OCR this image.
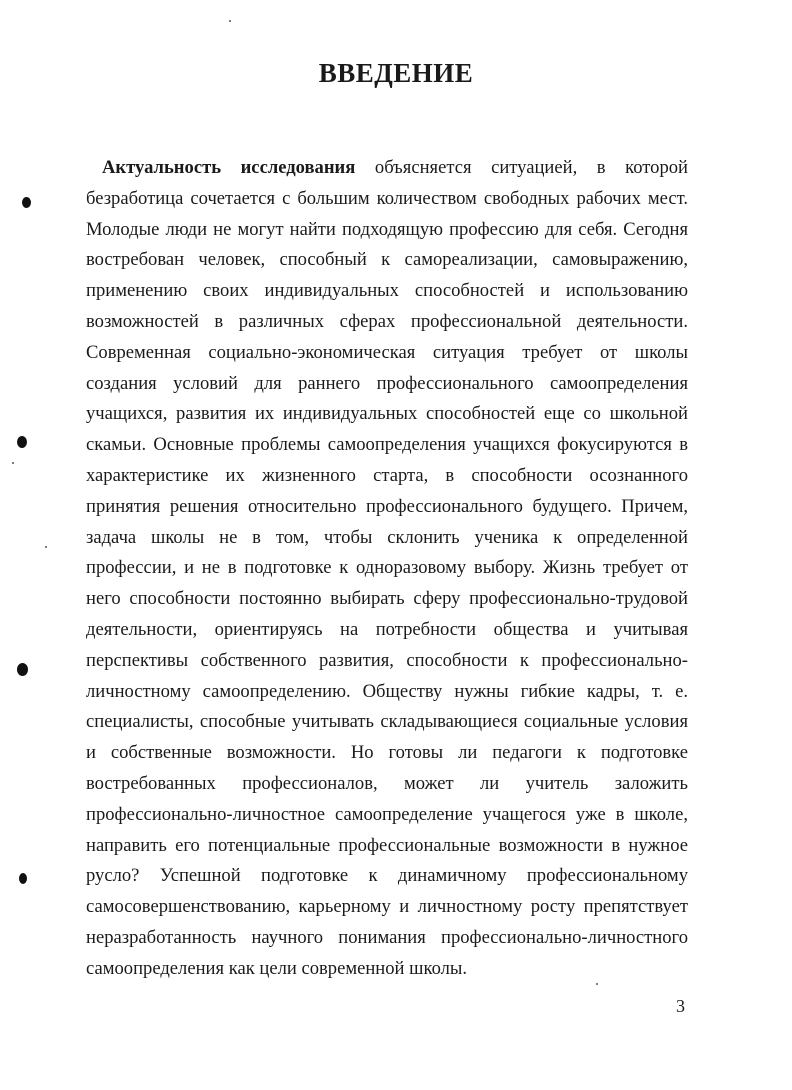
ВВЕДЕНИЕ

Актуальность исследования объясняется ситуацией, в которой безработица сочетается с большим количеством свободных рабочих мест. Молодые люди не могут найти подходящую профессию для себя. Сегодня востребован человек, способный к самореализации, самовыражению, применению своих индивидуальных способностей и использованию возможностей в различных сферах профессиональной деятельности. Современная социально-экономическая ситуация требует от школы создания условий для раннего профессионального самоопределения учащихся, развития их индивидуальных способностей еще со школьной скамьи. Основные проблемы самоопределения учащихся фокусируются в характеристике их жизненного старта, в способности осознанного принятия решения относительно профессионального будущего. Причем, задача школы не в том, чтобы склонить ученика к определенной профессии, и не в подготовке к одноразовому выбору. Жизнь требует от него способности постоянно выбирать сферу профессионально-трудовой деятельности, ориентируясь на потребности общества и учитывая перспективы собственного развития, способности к профессионально-личностному самоопределению. Обществу нужны гибкие кадры, т. е. специалисты, способные учитывать складывающиеся социальные условия и собственные возможности. Но готовы ли педагоги к подготовке востребованных профессионалов, может ли учитель заложить профессионально-личностное самоопределение учащегося уже в школе, направить его потенциальные профессиональные возможности в нужное русло? Успешной подготовке к динамичному профессиональному самосовершенствованию, карьерному и личностному росту препятствует неразработанность научного понимания профессионально-личностного самоопределения как цели современной школы.

3
